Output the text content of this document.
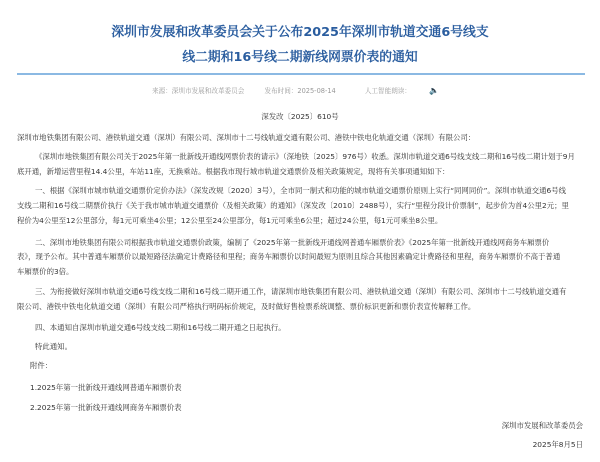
深圳市发展和改革委员会关于公布2025年深圳市轨道交通6号线支
线二期和16号线二期新线网票价表的通知
来源：深圳市发展和改革委员会	发布时间：2025-08-14	人工智能朗读： 🔈
深发改〔2025〕610号
深圳市地铁集团有限公司、港铁轨道交通（深圳）有限公司、深圳市十二号线轨道交通有限公司、港铁中铁电化轨道交通（深圳）有限公司：
《深圳市地铁集团有限公司关于2025年第一批新线开通线网票价表的请示》（深地铁〔2025〕976号）收悉。深圳市轨道交通6号线支线二期和16号线二期计划于9月
底开通，新增运营里程14.4公里，车站11座，无换乘站。根据我市现行城市轨道交通票价及相关政策规定，现将有关事项通知如下：
一、根据《深圳市城市轨道交通票价定价办法》（深发改规〔2020〕3号），全市同一制式和功能的城市轨道交通票价原则上实行“同网同价”。深圳市轨道交通6号线
支线二期和16号线二期票价执行《关于我市城市轨道交通票价（及相关政策）的通知》（深发改〔2010〕2488号），实行“里程分段计价票制”，起步价为首4公里2元；里
程价为4公里至12公里部分，每1元可乘坐4公里；12公里至24公里部分，每1元可乘坐6公里；超过24公里，每1元可乘坐8公里。
二、深圳市地铁集团有限公司根据我市轨道交通票价政策，编制了《2025年第一批新线开通线网普通车厢票价表》《2025年第一批新线开通线网商务车厢票价
表》，现予公布。其中普通车厢票价以最短路径法确定计费路径和里程；商务车厢票价以时间最短为原则且综合其他因素确定计费路径和里程，商务车厢票价不高于普通
车厢票价的3倍。
三、为衔接做好深圳市轨道交通6号线支线二期和16号线二期开通工作，请深圳市地铁集团有限公司、港铁轨道交通（深圳）有限公司、深圳市十二号线轨道交通有
限公司、港铁中铁电化轨道交通（深圳）有限公司严格执行明码标价规定，及时做好售检票系统调整、票价标识更新和票价表宣传解释工作。
四、本通知自深圳市轨道交通6号线支线二期和16号线二期开通之日起执行。
特此通知。
附件：
1.2025年第一批新线开通线网普通车厢票价表
2.2025年第一批新线开通线网商务车厢票价表
深圳市发展和改革委员会
2025年8月5日
